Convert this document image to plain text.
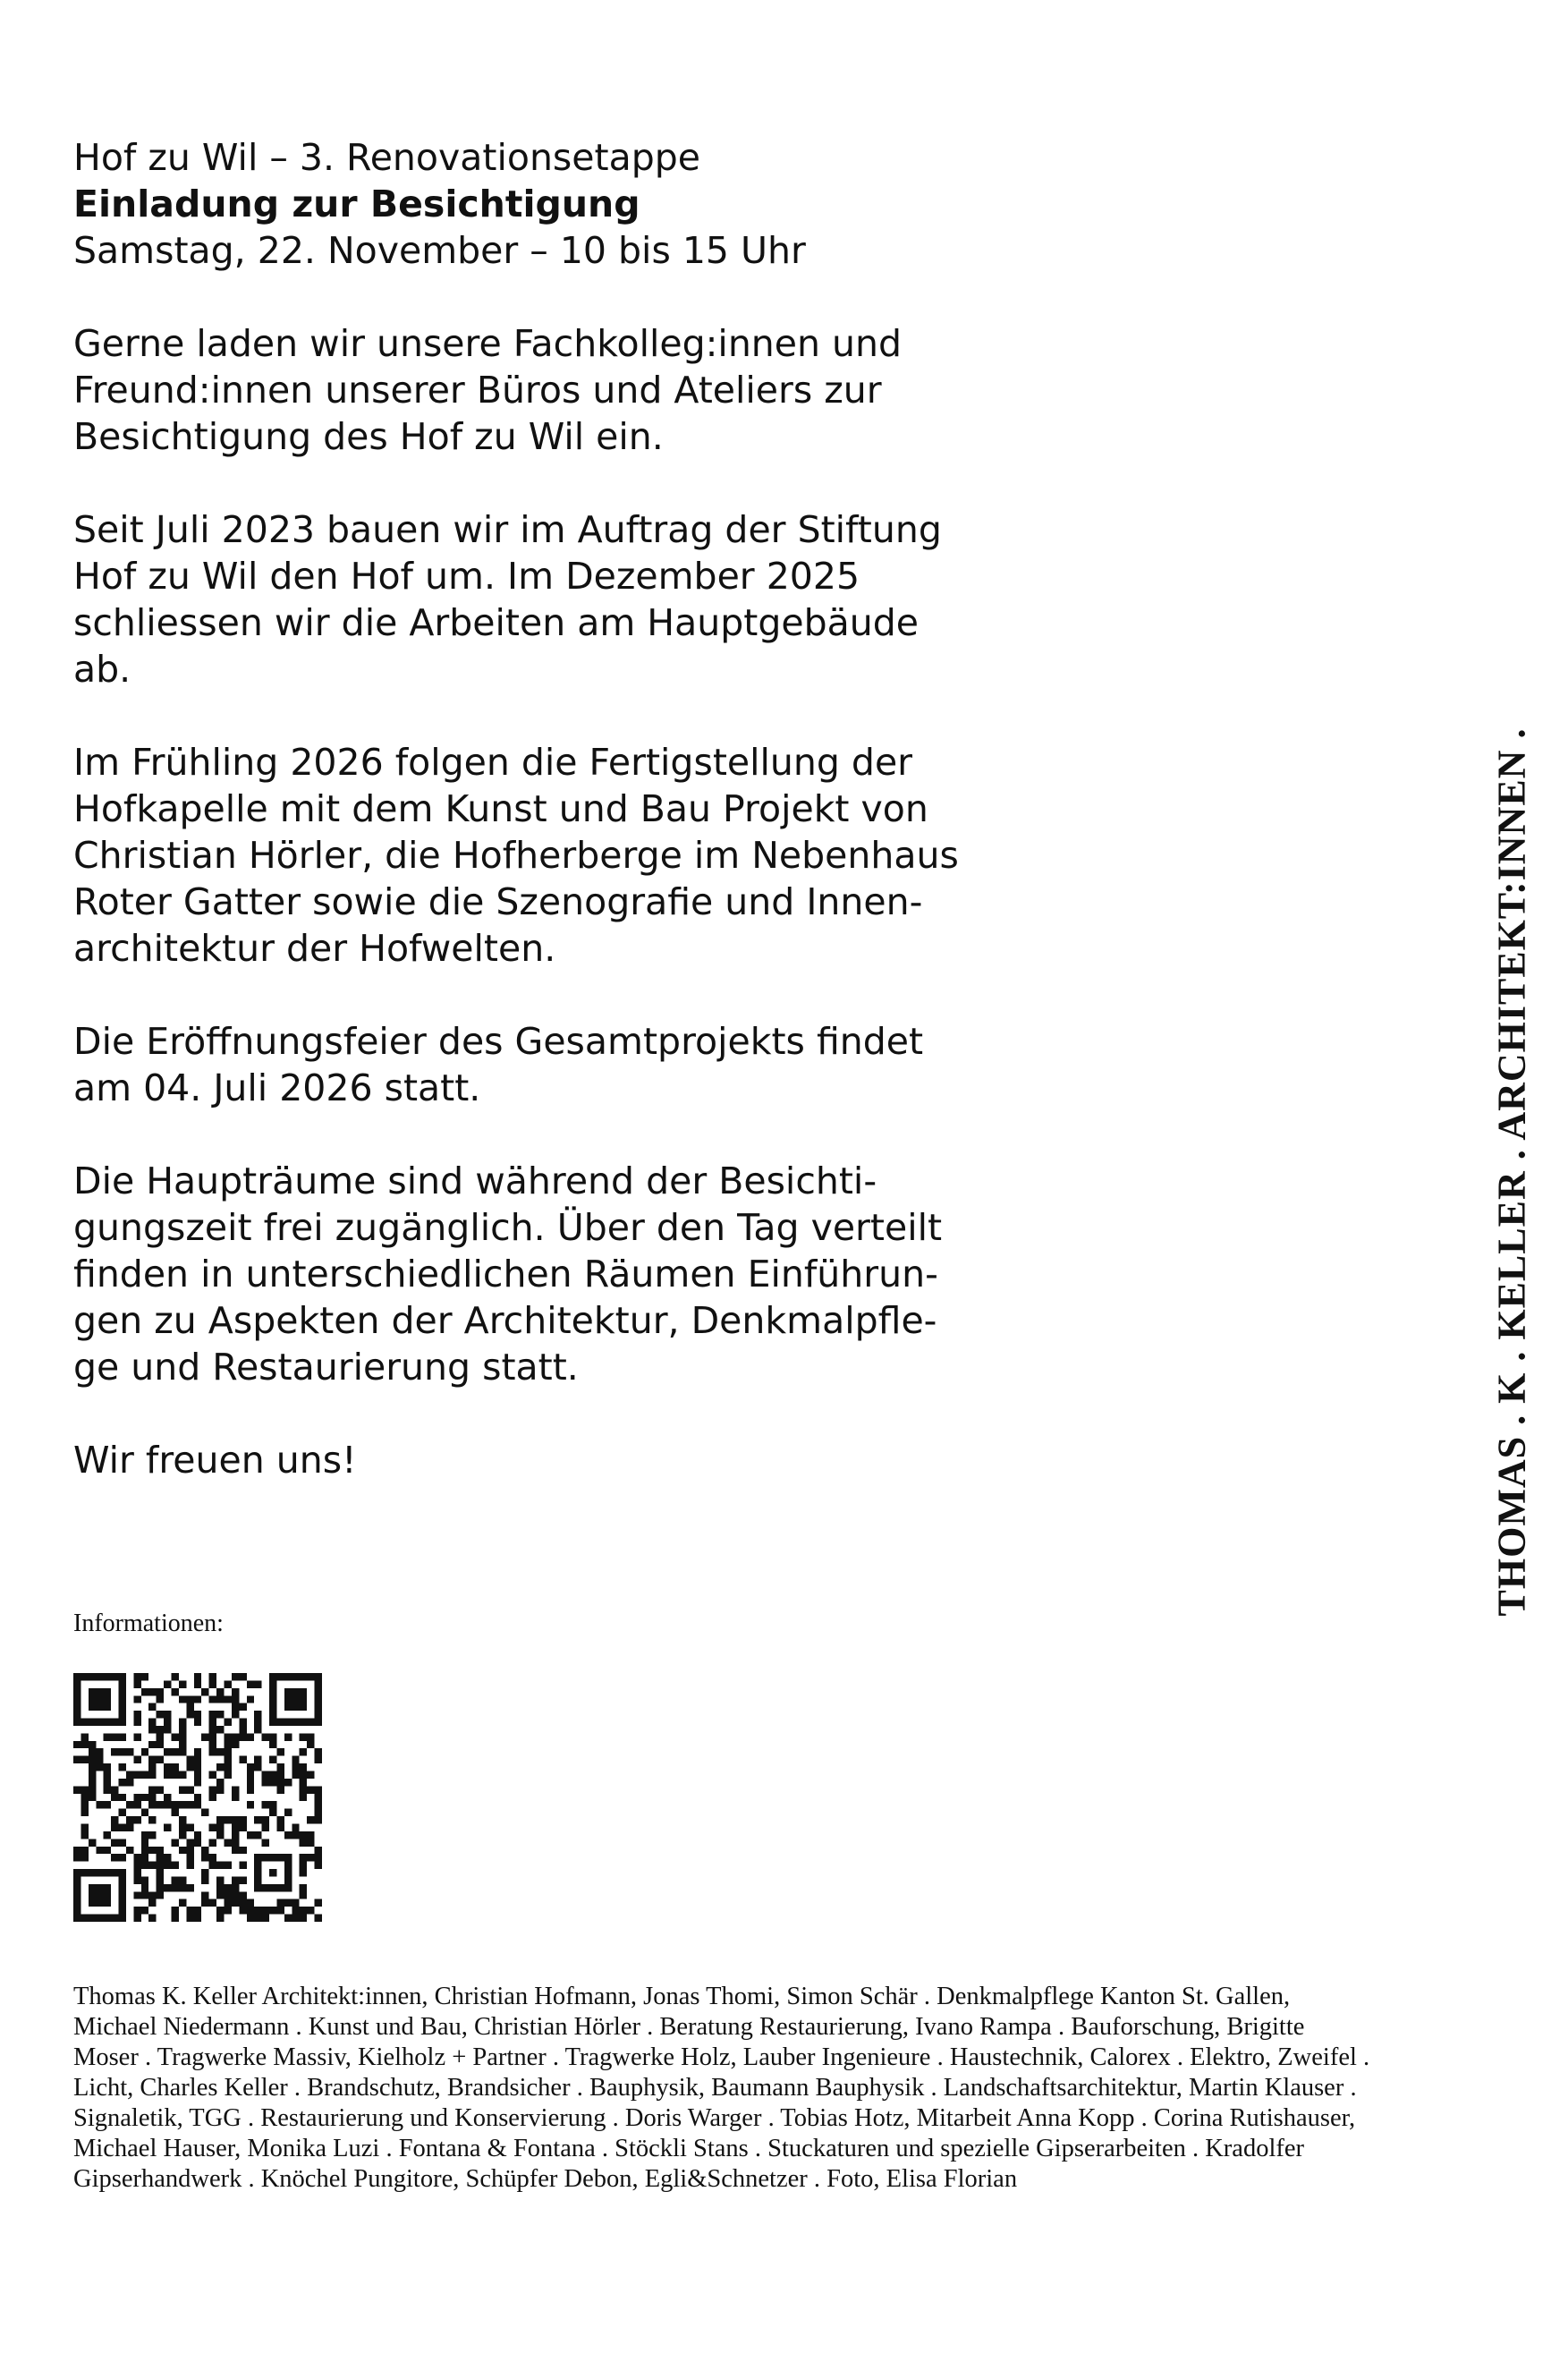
Hof zu Wil – 3. Renovationsetappe
Einladung zur Besichtigung
Samstag, 22. November – 10 bis 15 Uhr
Gerne laden wir unsere Fachkolleg:innen und
Freund:innen unserer Büros und Ateliers zur
Besichtigung des Hof zu Wil ein.
Seit Juli 2023 bauen wir im Auftrag der Stiftung
Hof zu Wil den Hof um. Im Dezember 2025
schliessen wir die Arbeiten am Hauptgebäude
ab.
Im Frühling 2026 folgen die Fertigstellung der
Hofkapelle mit dem Kunst und Bau Projekt von
Christian Hörler, die Hofherberge im Nebenhaus
Roter Gatter sowie die Szenografie und Innen-
architektur der Hofwelten.
Die Eröffnungsfeier des Gesamtprojekts findet
am 04. Juli 2026 statt.
Die Haupträume sind während der Besichti-
gungszeit frei zugänglich. Über den Tag verteilt
finden in unterschiedlichen Räumen Einführun-
gen zu Aspekten der Architektur, Denkmalpfle-
ge und Restaurierung statt.
Wir freuen uns!
Informationen:
Thomas K. Keller Architekt:innen, Christian Hofmann, Jonas Thomi, Simon Schär . Denkmalpflege Kanton St. Gallen,
Michael Niedermann . Kunst und Bau, Christian Hörler . Beratung Restaurierung, Ivano Rampa . Bauforschung, Brigitte
Moser . Tragwerke Massiv, Kielholz + Partner . Tragwerke Holz, Lauber Ingenieure . Haustechnik, Calorex . Elektro, Zweifel .
Licht, Charles Keller . Brandschutz, Brandsicher . Bauphysik, Baumann Bauphysik . Landschaftsarchitektur, Martin Klauser .
Signaletik, TGG . Restaurierung und Konservierung . Doris Warger . Tobias Hotz, Mitarbeit Anna Kopp . Corina Rutishauser,
Michael Hauser, Monika Luzi . Fontana & Fontana . Stöckli Stans . Stuckaturen und spezielle Gipserarbeiten . Kradolfer
Gipserhandwerk . Knöchel Pungitore, Schüpfer Debon, Egli&Schnetzer . Foto, Elisa Florian
THOMAS . K . KELLER . ARCHITEKT:INNEN .
